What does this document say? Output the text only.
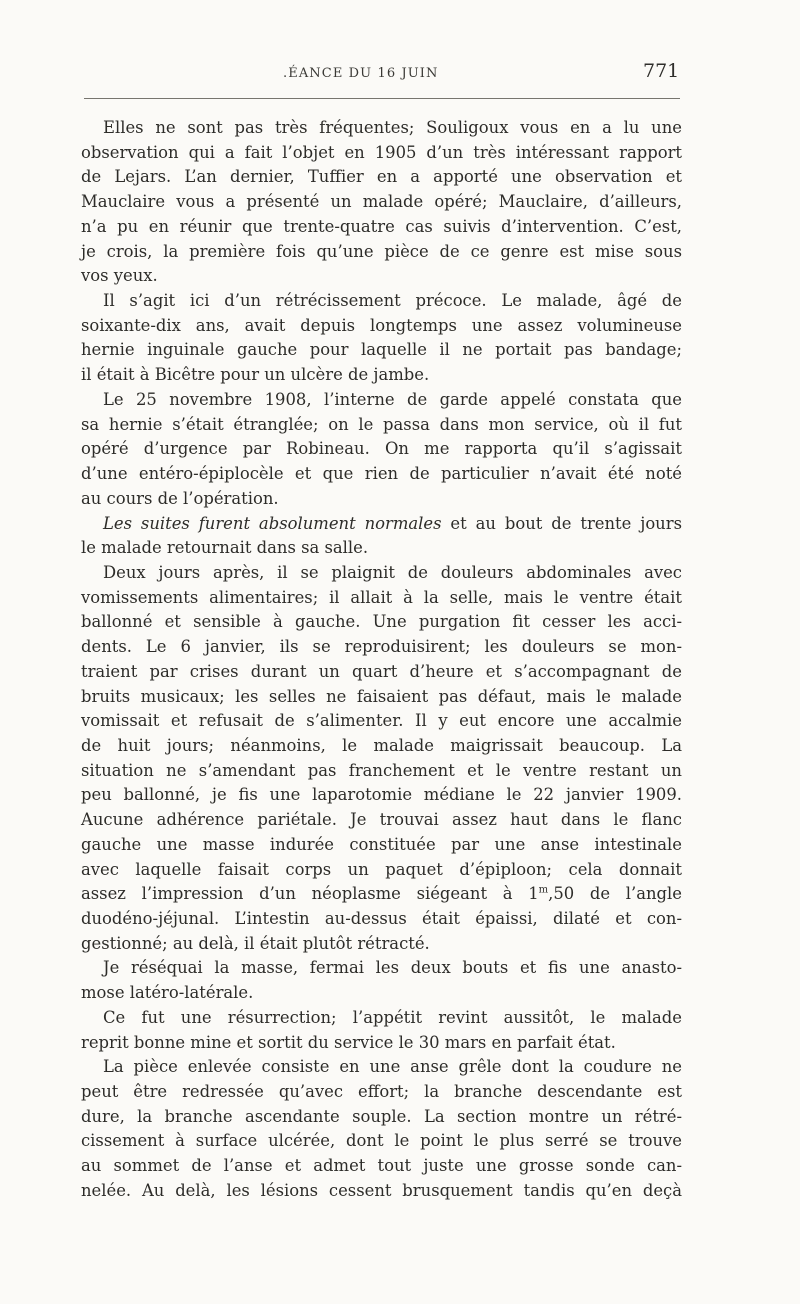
.ÉANCE DU 16 JUIN	771
Elles ne sont pas très fréquentes; Souligoux vous en a lu une
observation qui a fait l’objet en 1905 d’un très intéressant rapport
de Lejars. L’an dernier, Tuffier en a apporté une observation et
Mauclaire vous a présenté un malade opéré; Mauclaire, d’ailleurs,
n’a pu en réunir que trente-quatre cas suivis d’intervention. C’est,
je crois, la première fois qu’une pièce de ce genre est mise sous
vos yeux.
Il s’agit ici d’un rétrécissement précoce. Le malade, âgé de
soixante-dix ans, avait depuis longtemps une assez volumineuse
hernie inguinale gauche pour laquelle il ne portait pas bandage;
il était à Bicêtre pour un ulcère de jambe.
Le 25 novembre 1908, l’interne de garde appelé constata que
sa hernie s’était étranglée; on le passa dans mon service, où il fut
opéré d’urgence par Robineau. On me rapporta qu’il s’agissait
d’une entéro-épiplocèle et que rien de particulier n’avait été noté
au cours de l’opération.
Les suites furent absolument normales et au bout de trente jours
le malade retournait dans sa salle.
Deux jours après, il se plaignit de douleurs abdominales avec
vomissements alimentaires; il allait à la selle, mais le ventre était
ballonné et sensible à gauche. Une purgation fit cesser les acci-
dents. Le 6 janvier, ils se reproduisirent; les douleurs se mon-
traient par crises durant un quart d’heure et s’accompagnant de
bruits musicaux; les selles ne faisaient pas défaut, mais le malade
vomissait et refusait de s’alimenter. Il y eut encore une accalmie
de huit jours; néanmoins, le malade maigrissait beaucoup. La
situation ne s’amendant pas franchement et le ventre restant un
peu ballonné, je fis une laparotomie médiane le 22 janvier 1909.
Aucune adhérence pariétale. Je trouvai assez haut dans le flanc
gauche une masse indurée constituée par une anse intestinale
avec laquelle faisait corps un paquet d’épiploon; cela donnait
assez l’impression d’un néoplasme siégeant à 1$^m$,50 de l’angle
duodéno-jéjunal. L’intestin au-dessus était épaissi, dilaté et con-
gestionné; au delà, il était plutôt rétracté.
Je réséquai la masse, fermai les deux bouts et fis une anasto-
mose latéro-latérale.
Ce fut une résurrection; l’appétit revint aussitôt, le malade
reprit bonne mine et sortit du service le 30 mars en parfait état.
La pièce enlevée consiste en une anse grêle dont la coudure ne
peut être redressée qu’avec effort; la branche descendante est
dure, la branche ascendante souple. La section montre un rétré-
cissement à surface ulcérée, dont le point le plus serré se trouve
au sommet de l’anse et admet tout juste une grosse sonde can-
nelée. Au delà, les lésions cessent brusquement tandis qu’en deçà
